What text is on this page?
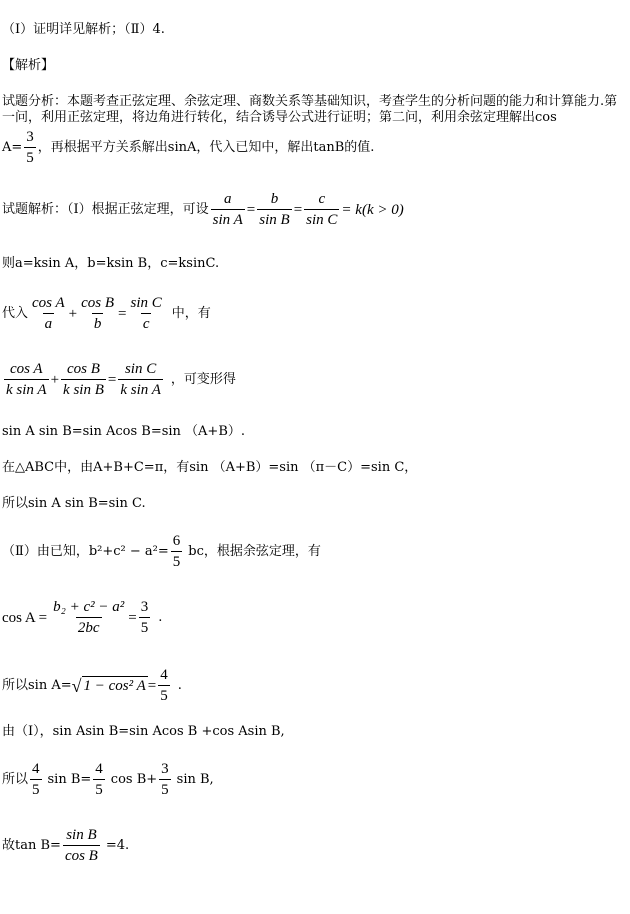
（Ⅰ）证明详见解析；（Ⅱ）4.
【解析】
试题分析：本题考查正弦定理、余弦定理、商数关系等基础知识，考查学生的分析问题的能力和计算能力.第一问，利用正弦定理，将边角进行转化，结合诱导公式进行证明；第二问，利用余弦定理解出cos
$A= \frac{3}{5}$ ，再根据平方关系解出sinA，代入已知中，解出tanB的值.
试题解析：（Ⅰ）根据正弦定理，可设 $\frac{a}{\text{sin A}} = \frac{b}{\text{sin B}} = \frac{c}{\text{sin C}} = k(k > 0)$
则a=ksin A，b=ksin B，c=ksinC.
代入 $\frac{\text{cos A}}{a} + \frac{\text{cos B}}{b} = \frac{\text{sin C}}{c}$ 中，有
$\frac{\text{cos A}}{\text{k sin A}} + \frac{\text{cos B}}{\text{k sin B}} = \frac{\text{sin C}}{\text{k sin A}}$ ，可变形得
sin A sin B=sin Acos B=sin （A+B）.
在△ABC中，由A+B+C=π，有sin （A+B）=sin （π－C）=sin C，
所以sin A sin B=sin C.
（Ⅱ）由已知，$b^2+c^2 - a^2= \frac{6}{5}$ bc，根据余弦定理，有
$\cos A = \frac{\text{b₂ + c² − a²}}{2bc} = \frac{3}{5}$ .
所以sin A= √ 1 − cos² $A = \frac{4}{5}$ .
由（Ⅰ），sin Asin B=sin Acos B +cos Asin B,
所以 $\frac{4}{5}$ $\sin B= \frac{4}{5}$ $\cos B+ \frac{3}{5}$ sin B,
故$\tan B= \frac{\text{sin B}}{\text{cos B}} =4$.
